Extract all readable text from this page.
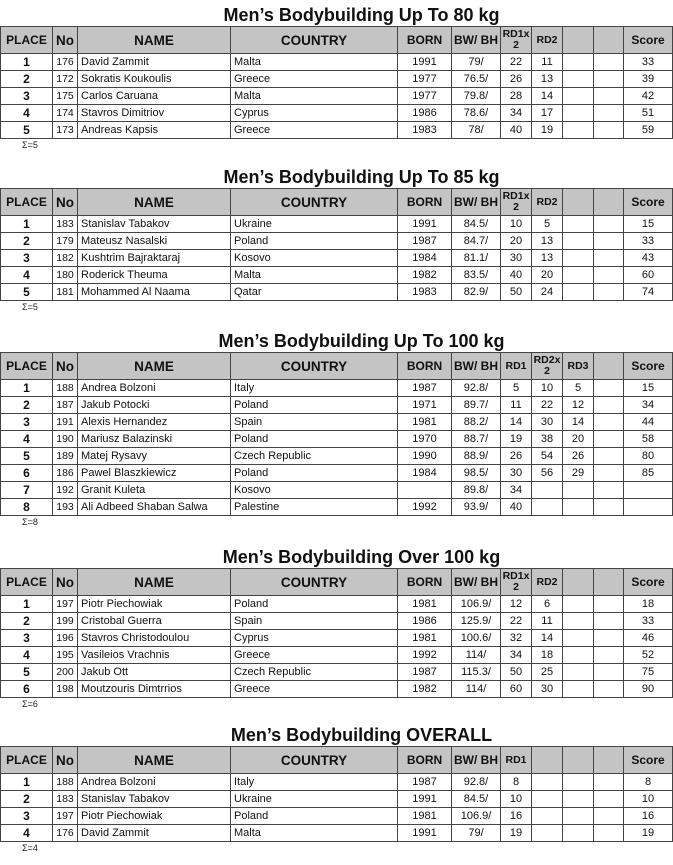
Men’s Bodybuilding Up To 80 kg
PLACE	No	NAME	COUNTRY	BORN	BW/ BH	RD1x 2	RD2			Score
1	176	David Zammit	Malta	1991	79/	22	11			33
2	172	Sokratis Koukoulis	Greece	1977	76.5/	26	13			39
3	175	Carlos Caruana	Malta	1977	79.8/	28	14			42
4	174	Stavros Dimitriov	Cyprus	1986	78.6/	34	17			51
5	173	Andreas Kapsis	Greece	1983	78/	40	19			59
Σ=5
Men’s Bodybuilding Up To 85 kg
PLACE	No	NAME	COUNTRY	BORN	BW/ BH	RD1x 2	RD2			Score
1	183	Stanislav Tabakov	Ukraine	1991	84.5/	10	5			15
2	179	Mateusz Nasalski	Poland	1987	84.7/	20	13			33
3	182	Kushtrim Bajraktaraj	Kosovo	1984	81.1/	30	13			43
4	180	Roderick Theuma	Malta	1982	83.5/	40	20			60
5	181	Mohammed Al Naama	Qatar	1983	82.9/	50	24			74
Σ=5
Men’s Bodybuilding Up To 100 kg
PLACE	No	NAME	COUNTRY	BORN	BW/ BH	RD1	RD2x 2	RD3		Score
1	188	Andrea Bolzoni	Italy	1987	92.8/	5	10	5		15
2	187	Jakub Potocki	Poland	1971	89.7/	11	22	12		34
3	191	Alexis Hernandez	Spain	1981	88.2/	14	30	14		44
4	190	Mariusz Balazinski	Poland	1970	88.7/	19	38	20		58
5	189	Matej Rysavy	Czech Republic	1990	88.9/	26	54	26		80
6	186	Pawel Blaszkiewicz	Poland	1984	98.5/	30	56	29		85
7	192	Granit Kuleta	Kosovo		89.8/	34				
8	193	Ali Adbeed Shaban Salwa	Palestine	1992	93.9/	40				
Σ=8
Men’s Bodybuilding Over 100 kg
PLACE	No	NAME	COUNTRY	BORN	BW/ BH	RD1x 2	RD2			Score
1	197	Piotr Piechowiak	Poland	1981	106.9/	12	6			18
2	199	Cristobal Guerra	Spain	1986	125.9/	22	11			33
3	196	Stavros Christodoulou	Cyprus	1981	100.6/	32	14			46
4	195	Vasileios Vrachnis	Greece	1992	114/	34	18			52
5	200	Jakub Ott	Czech Republic	1987	115.3/	50	25			75
6	198	Moutzouris Dimtrrios	Greece	1982	114/	60	30			90
Σ=6
Men’s Bodybuilding OVERALL
PLACE	No	NAME	COUNTRY	BORN	BW/ BH	RD1				Score
1	188	Andrea Bolzoni	Italy	1987	92.8/	8				8
2	183	Stanislav Tabakov	Ukraine	1991	84.5/	10				10
3	197	Piotr Piechowiak	Poland	1981	106.9/	16				16
4	176	David Zammit	Malta	1991	79/	19				19
Σ=4
